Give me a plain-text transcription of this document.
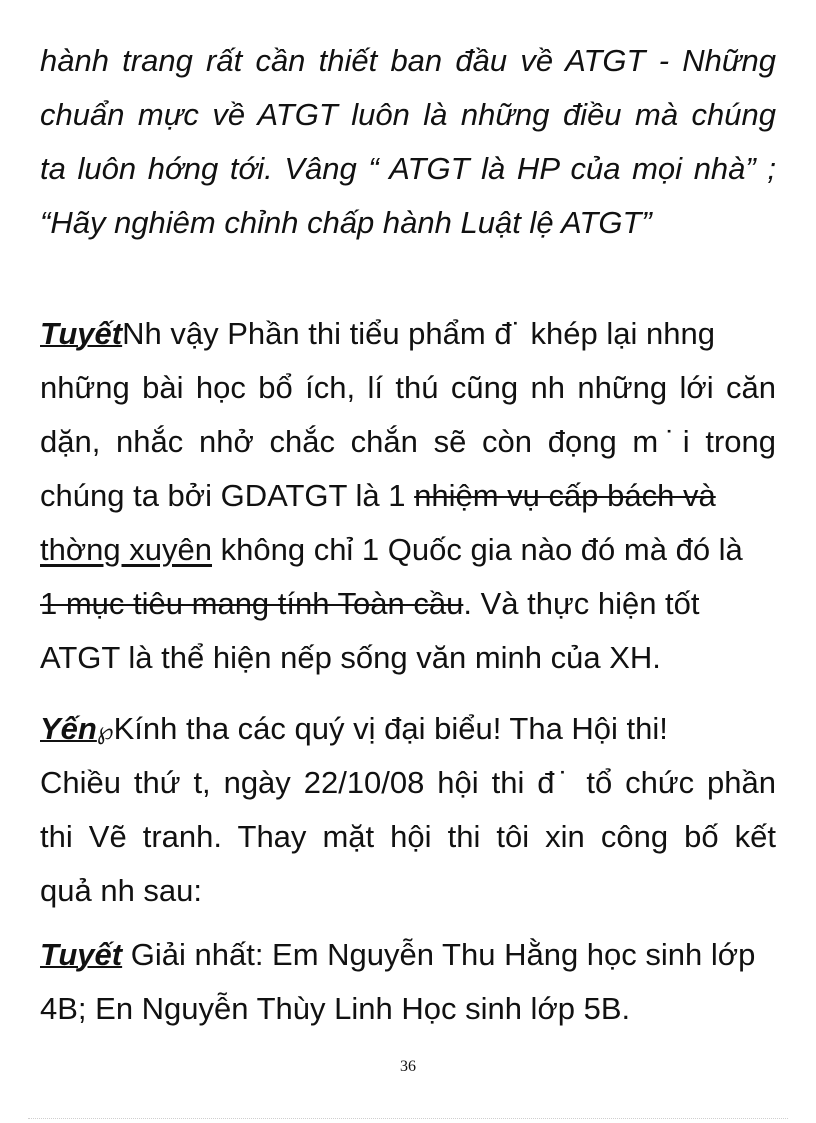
hành trang rất cần thiết ban đầu về ATGT - Những
chuẩn mực về ATGT luôn là những điều mà chúng
ta luôn hớng tới. Vâng “ ATGT là HP của mọi nhà” ;
“Hãy nghiêm chỉnh chấp hành Luật lệ ATGT”
TuyếtNh vậy Phần thi tiểu phẩm đ˙ khép lại nhng
những bài học bổ ích, lí thú cũng nh những lới căn
dặn, nhắc nhở chắc chắn sẽ còn đọng m˙i trong
chúng ta bởi GDATGT là 1 nhiệm vụ cấp bách và
thờng xuyên không chỉ 1 Quốc gia nào đó mà đó là
1 mục tiêu mang tính Toàn cầu. Và thực hiện tốt
ATGT là thể hiện nếp sống văn minh của XH.
Yến℘Kính tha các quý vị đại biểu! Tha Hội thi!
Chiều thứ t, ngày 22/10/08 hội thi đ˙ tổ chức phần
thi Vẽ tranh. Thay mặt hội thi tôi xin công bố kết
quả nh sau:
Tuyết Giải nhất: Em Nguyễn Thu Hằng học sinh lớp
4B; En Nguyễn Thùy Linh Học sinh lớp 5B.
36
